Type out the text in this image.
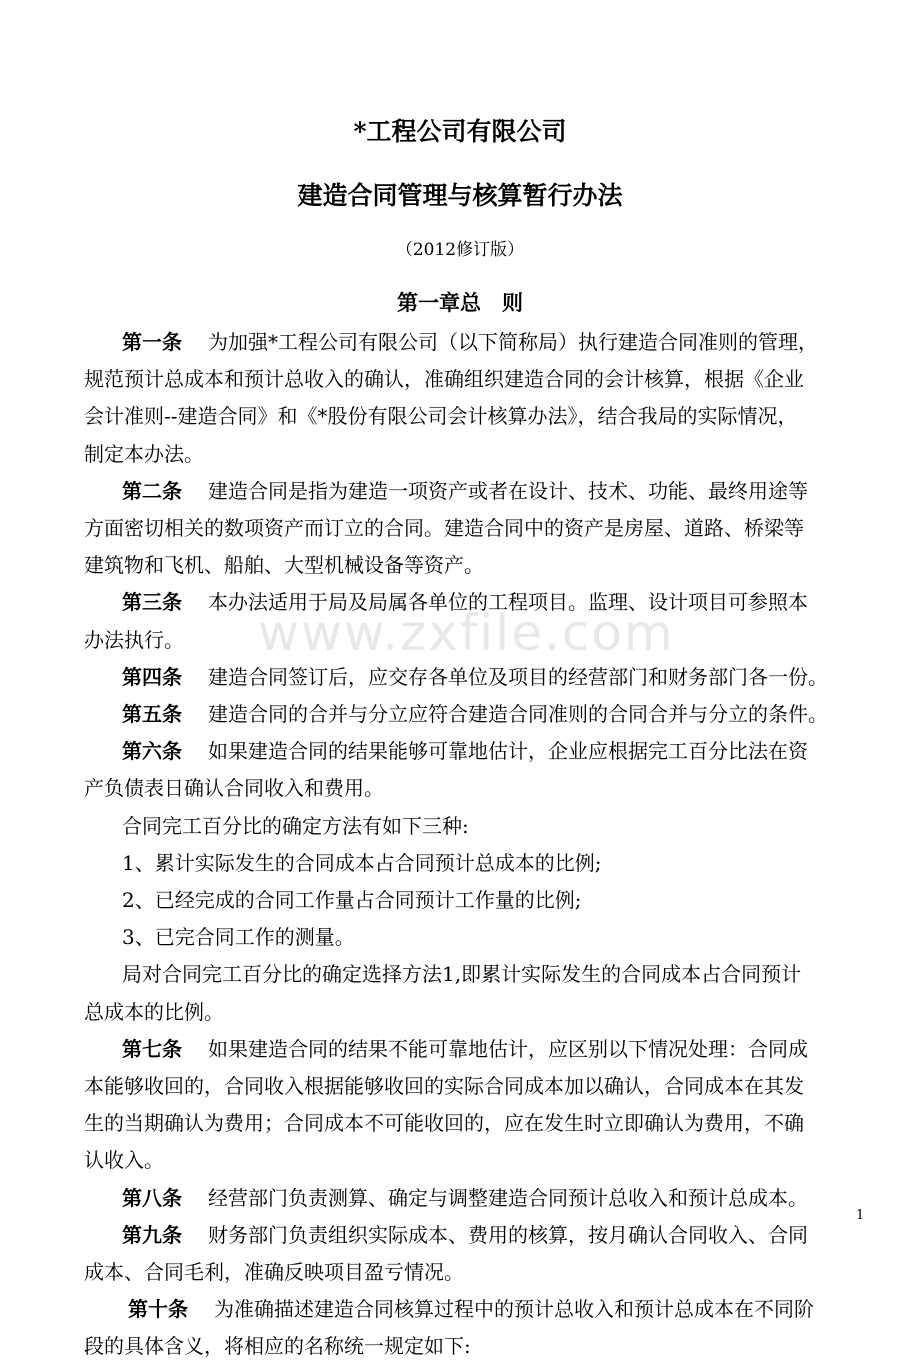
www.zxfile.com
*工程公司有限公司
建造合同管理与核算暂行办法
（2012修订版）
第一章总　则
第一条 为加强*工程公司有限公司（以下简称局）执行建造合同准则的管理，
规范预计总成本和预计总收入的确认，准确组织建造合同的会计核算，根据《企业
会计准则--建造合同》和《*股份有限公司会计核算办法》，结合我局的实际情况，
制定本办法。
第二条 建造合同是指为建造一项资产或者在设计、技术、功能、最终用途等
方面密切相关的数项资产而订立的合同。建造合同中的资产是房屋、道路、桥梁等
建筑物和飞机、船舶、大型机械设备等资产。
第三条 本办法适用于局及局属各单位的工程项目。监理、设计项目可参照本
办法执行。
第四条 建造合同签订后，应交存各单位及项目的经营部门和财务部门各一份。
第五条 建造合同的合并与分立应符合建造合同准则的合同合并与分立的条件。
第六条 如果建造合同的结果能够可靠地估计，企业应根据完工百分比法在资
产负债表日确认合同收入和费用。
合同完工百分比的确定方法有如下三种:
1、累计实际发生的合同成本占合同预计总成本的比例;
2、已经完成的合同工作量占合同预计工作量的比例;
3、已完合同工作的测量。
局对合同完工百分比的确定选择方法1,即累计实际发生的合同成本占合同预计
总成本的比例。
第七条 如果建造合同的结果不能可靠地估计，应区别以下情况处理：合同成
本能够收回的，合同收入根据能够收回的实际合同成本加以确认，合同成本在其发
生的当期确认为费用；合同成本不可能收回的，应在发生时立即确认为费用，不确
认收入。
第八条 经营部门负责测算、确定与调整建造合同预计总收入和预计总成本。
第九条 财务部门负责组织实际成本、费用的核算，按月确认合同收入、合同
成本、合同毛利，准确反映项目盈亏情况。
第十条 为准确描述建造合同核算过程中的预计总收入和预计总成本在不同阶
段的具体含义，将相应的名称统一规定如下:
1
